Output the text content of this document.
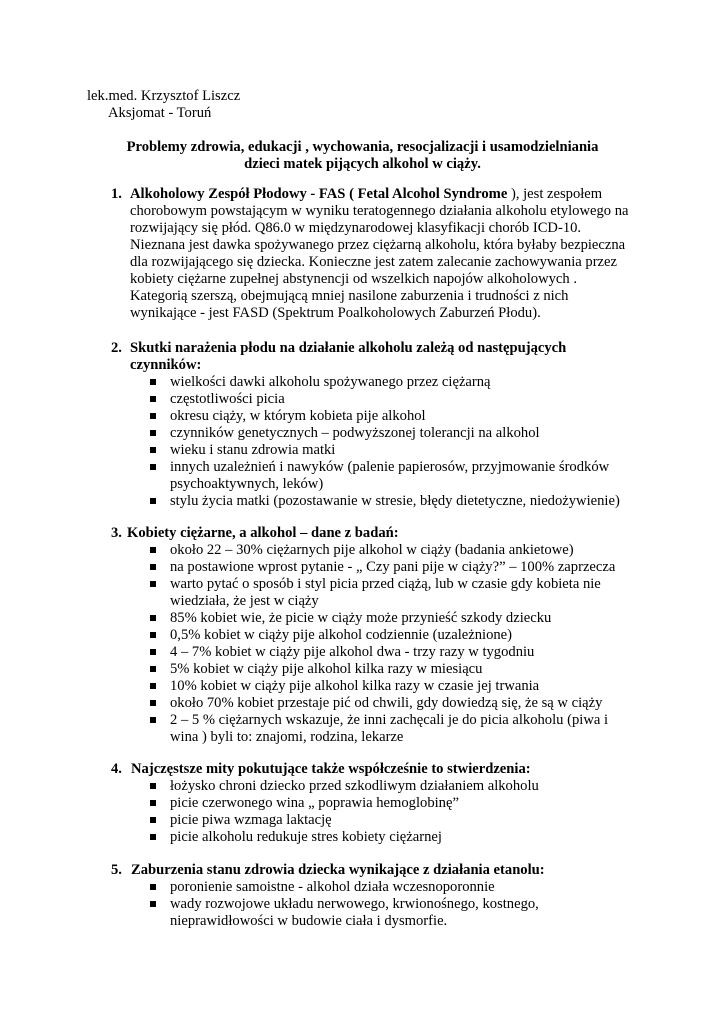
lek.med. Krzysztof Liszcz
Aksjomat - Toruń
Problemy zdrowia, edukacji , wychowania, resocjalizacji i usamodzielniania
dzieci matek pijących alkohol w ciąży.
1. Alkoholowy Zespół Płodowy - FAS ( Fetal Alcohol Syndrome ), jest zespołem
chorobowym powstającym w wyniku teratogennego działania alkoholu etylowego na
rozwijający się płód. Q86.0 w międzynarodowej klasyfikacji chorób ICD-10.
Nieznana jest dawka spożywanego przez ciężarną alkoholu, która byłaby bezpieczna
dla rozwijającego się dziecka. Konieczne jest zatem zalecanie zachowywania przez
kobiety ciężarne zupełnej abstynencji od wszelkich napojów alkoholowych .
Kategorią szerszą, obejmującą mniej nasilone zaburzenia i trudności z nich
wynikające - jest FASD (Spektrum Poalkoholowych Zaburzeń Płodu).
2. Skutki narażenia płodu na działanie alkoholu zależą od następujących
czynników:
wielkości dawki alkoholu spożywanego przez ciężarną
częstotliwości picia
okresu ciąży, w którym kobieta pije alkohol
czynników genetycznych – podwyższonej tolerancji na alkohol
wieku i stanu zdrowia matki
innych uzależnień i nawyków (palenie papierosów, przyjmowanie środków
psychoaktywnych, leków)
stylu życia matki (pozostawanie w stresie, błędy dietetyczne, niedożywienie)
3. Kobiety ciężarne, a alkohol – dane z badań:
około 22 – 30% ciężarnych pije alkohol w ciąży (badania ankietowe)
na postawione wprost pytanie - „ Czy pani pije w ciąży?” – 100% zaprzecza
warto pytać o sposób i styl picia przed ciążą, lub w czasie gdy kobieta nie
wiedziała, że jest w ciąży
85% kobiet wie, że picie w ciąży może przynieść szkody dziecku
0,5% kobiet w ciąży pije alkohol codziennie (uzależnione)
4 – 7% kobiet w ciąży pije alkohol dwa - trzy razy w tygodniu
5% kobiet w ciąży pije alkohol kilka razy w miesiącu
10% kobiet w ciąży pije alkohol kilka razy w czasie jej trwania
około 70% kobiet przestaje pić od chwili, gdy dowiedzą się, że są w ciąży
2 – 5 % ciężarnych wskazuje, że inni zachęcali je do picia alkoholu (piwa i
wina ) byli to: znajomi, rodzina, lekarze
4. Najczęstsze mity pokutujące także współcześnie to stwierdzenia:
łożysko chroni dziecko przed szkodliwym działaniem alkoholu
picie czerwonego wina „ poprawia hemoglobinę”
picie piwa wzmaga laktację
picie alkoholu redukuje stres kobiety ciężarnej
5. Zaburzenia stanu zdrowia dziecka wynikające z działania etanolu:
poronienie samoistne - alkohol działa wczesnoporonnie
wady rozwojowe układu nerwowego, krwionośnego, kostnego,
nieprawidłowości w budowie ciała i dysmorfie.
